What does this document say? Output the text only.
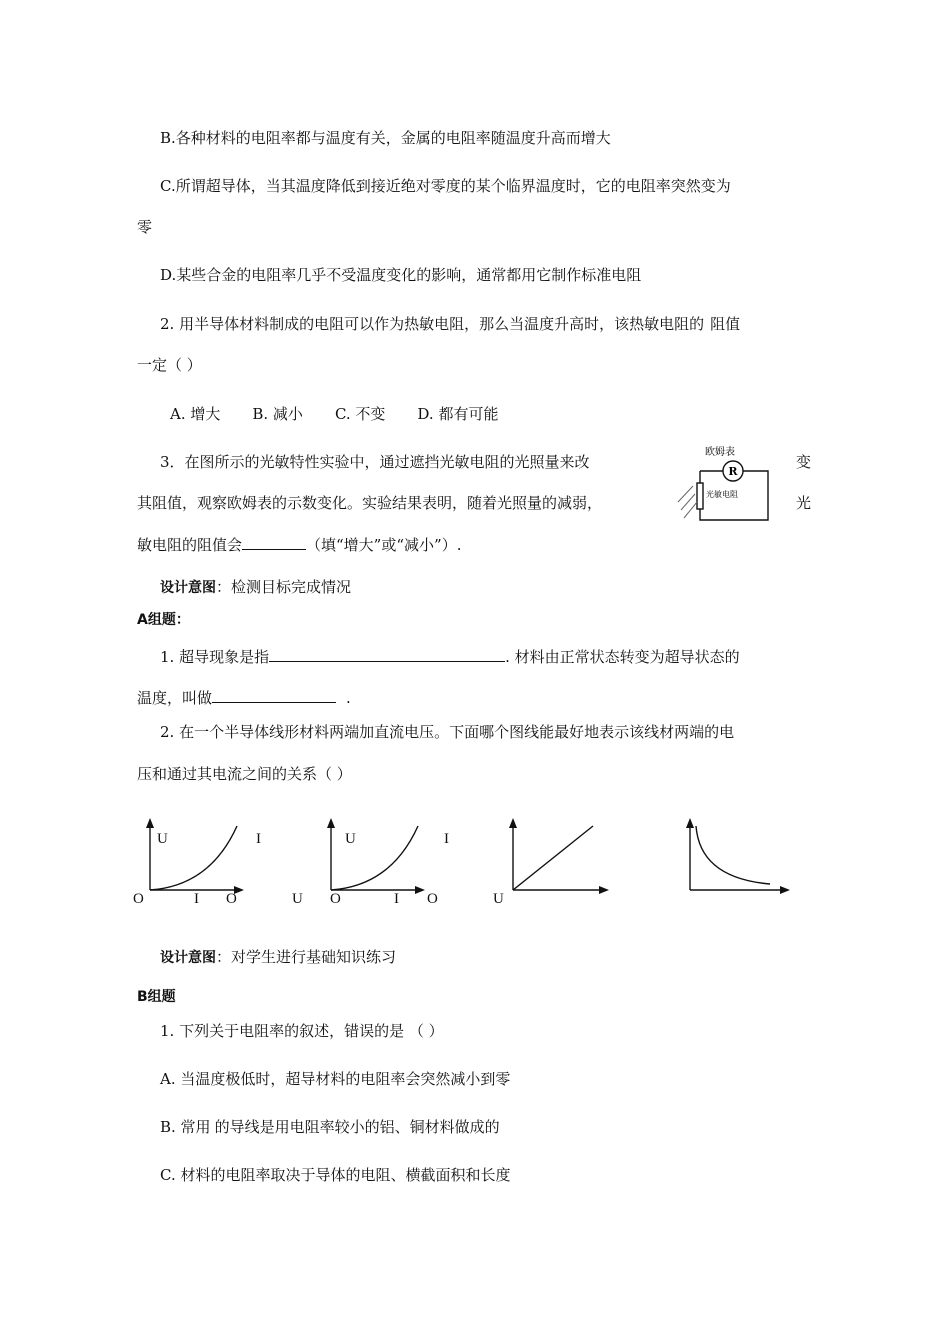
B.各种材料的电阻率都与温度有关，金属的电阻率随温度升高而增大
C.所谓超导体，当其温度降低到接近绝对零度的某个临界温度时，它的电阻率突然变为
零
D.某些合金的电阻率几乎不受温度变化的影响，通常都用它制作标准电阻
2. 用半导体材料制成的电阻可以作为热敏电阻，那么当温度升高时，该热敏电阻的 阻值
一定（ ）
A. 增大 B. 减小 C. 不变 D. 都有可能
3．在图所示的光敏特性实验中，通过遮挡光敏电阻的光照量来改	变
其阻值，观察欧姆表的示数变化。实验结果表明，随着光照量的减弱，	光
敏电阻的阻值会	（填“增大”或“减小”）.
欧姆表
R
光敏电阻
设计意图：检测目标完成情况
A组题：
1. 超导现象是指	. 材料由正常状态转变为超导状态的
温度，叫做	.
2. 在一个半导体线形材料两端加直流电压。下面哪个图线能最好地表示该线材两端的电
压和通过其电流之间的关系（ ）
U	I
O	I O	U
U	I
O	I O	U
设计意图：对学生进行基础知识练习
B组题
1. 下列关于电阻率的叙述，错误的是 （ ）
A. 当温度极低时，超导材料的电阻率会突然减小到零
B. 常用 的导线是用电阻率较小的铝、铜材料做成的
C. 材料的电阻率取决于导体的电阻、横截面积和长度
